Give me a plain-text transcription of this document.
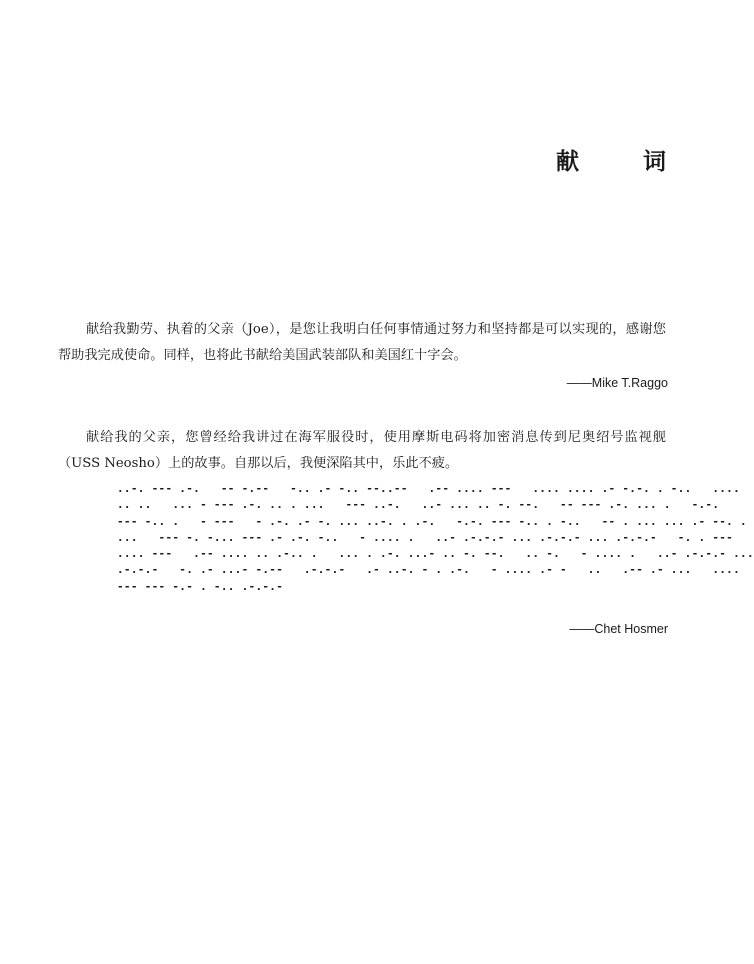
献	词

献给我勤劳、执着的父亲（Joe），是您让我明白任何事情通过努力和坚持都是可以实现的，感谢您帮助我完成使命。同样，也将此书献给美国武装部队和美国红十字会。

——Mike T.Raggo

献给我的父亲，您曾经给我讲过在海军服役时，使用摩斯电码将加密消息传到尼奥绍号监视舰（USS Neosho）上的故事。自那以后，我便深陷其中，乐此不疲。

..-. --- .-.   -- -.--   -.. .- -.. --..--   .-- .... ---   .... .... .- -.-. . -..   ....
.. ..   ... - --- .-. .. . ...   --- ..-.   ..- ... .. -. --.   -- --- .-. ... .   -.-.
--- -.. .   - ---   - .-. .- -. ... ..-. . .-.   -.-. --- -.. . -..   -- . ... ... .- --. .
...   --- -. -... --- .- .-. -..   - .... .   ..- .-.-.- ... .-.-.- ... .-.-.-   -. . ---
.... ---   .-- .... .. .-.. .   ... . .-. ...- .. -. --.   .. -.   - .... .   ..- .-.-.- ...
.-.-.-   -. .- ...- -.--   .-.-.-   .- ..-. - . .-.   - .... .- -   ..   .-- .- ...   ....
--- --- -.- . -.. .-.-.-

——Chet Hosmer
